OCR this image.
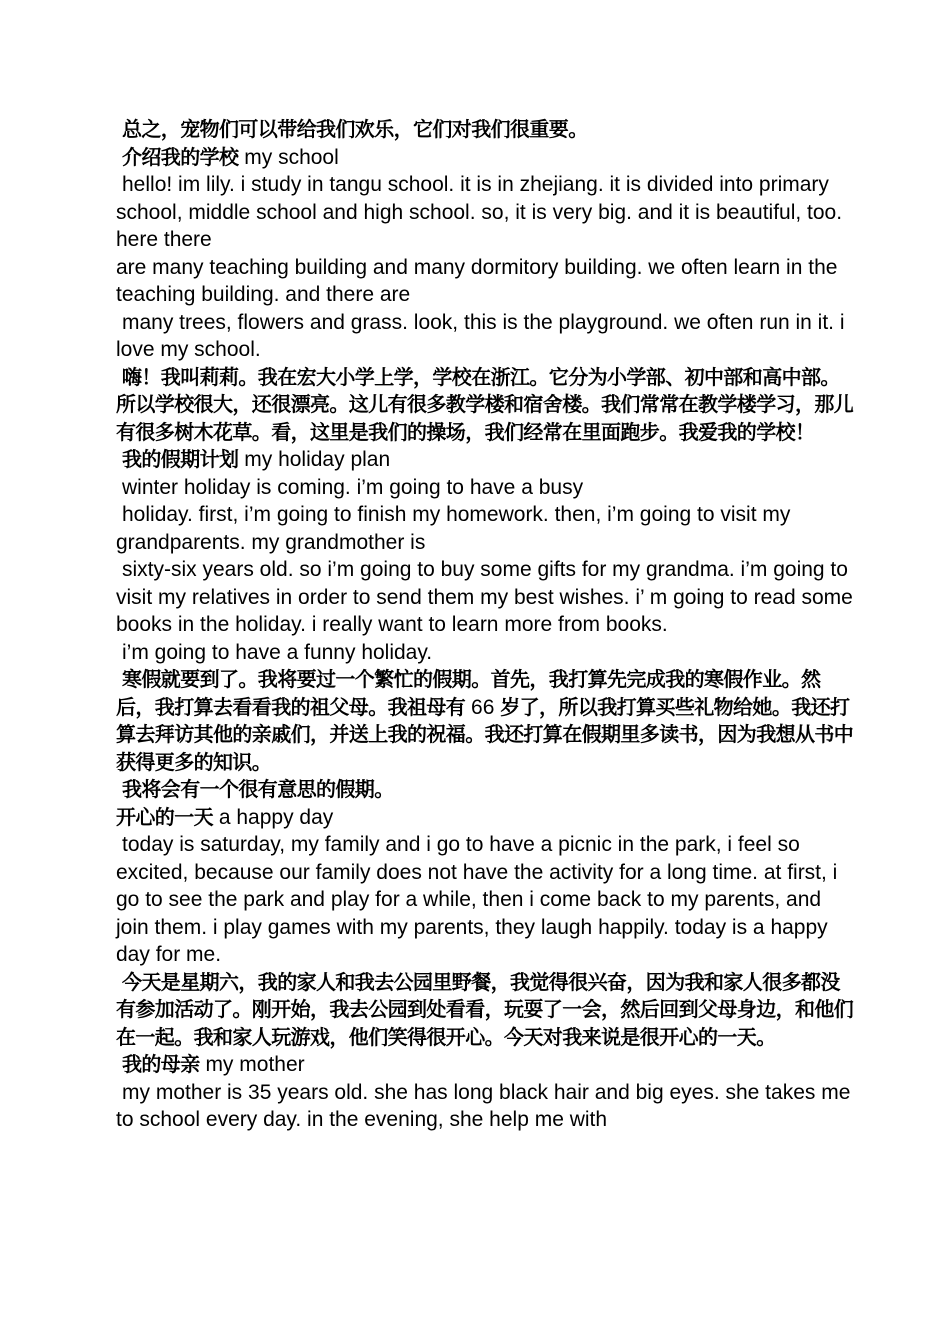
总之，宠物们可以带给我们欢乐，它们对我们很重要。

介绍我的学校 my school

hello! im lily. i study in tangu school. it is in zhejiang. it is divided into primary school, middle school and high school. so, it is very big. and it is beautiful, too. here there

are many teaching building and many dormitory building. we often learn in the teaching building. and there are

many trees, flowers and grass. look, this is the playground. we often run in it. i love my school.

嗨！我叫莉莉。我在宏大小学上学，学校在浙江。它分为小学部、初中部和高中部。所以学校很大，还很漂亮。这儿有很多教学楼和宿舍楼。我们常常在教学楼学习，那儿有很多树木花草。看，这里是我们的操场，我们经常在里面跑步。我爱我的学校！

我的假期计划 my holiday plan

winter holiday is coming. i’m going to have a busy

holiday. first, i’m going to finish my homework. then, i’m going to visit my grandparents. my grandmother is

sixty-six years old. so i’m going to buy some gifts for my grandma. i’m going to visit my relatives in order to send them my best wishes. i’ m going to read some books in the holiday. i really want to learn more from books.

i’m going to have a funny holiday.

寒假就要到了。我将要过一个繁忙的假期。首先，我打算先完成我的寒假作业。然后，我打算去看看我的祖父母。我祖母有 66 岁了，所以我打算买些礼物给她。我还打算去拜访其他的亲戚们，并送上我的祝福。我还打算在假期里多读书，因为我想从书中获得更多的知识。

我将会有一个很有意思的假期。

开心的一天 a happy day

today is saturday, my family and i go to have a picnic in the park, i feel so excited, because our family does not have the activity for a long time. at first, i go to see the park and play for a while, then i come back to my parents, and join them. i play games with my parents, they laugh happily. today is a happy day for me.

今天是星期六，我的家人和我去公园里野餐，我觉得很兴奋，因为我和家人很多都没有参加活动了。刚开始，我去公园到处看看，玩耍了一会，然后回到父母身边，和他们在一起。我和家人玩游戏，他们笑得很开心。今天对我来说是很开心的一天。

我的母亲 my mother

my mother is 35 years old. she has long black hair and big eyes. she takes me to school every day. in the evening, she help me with
